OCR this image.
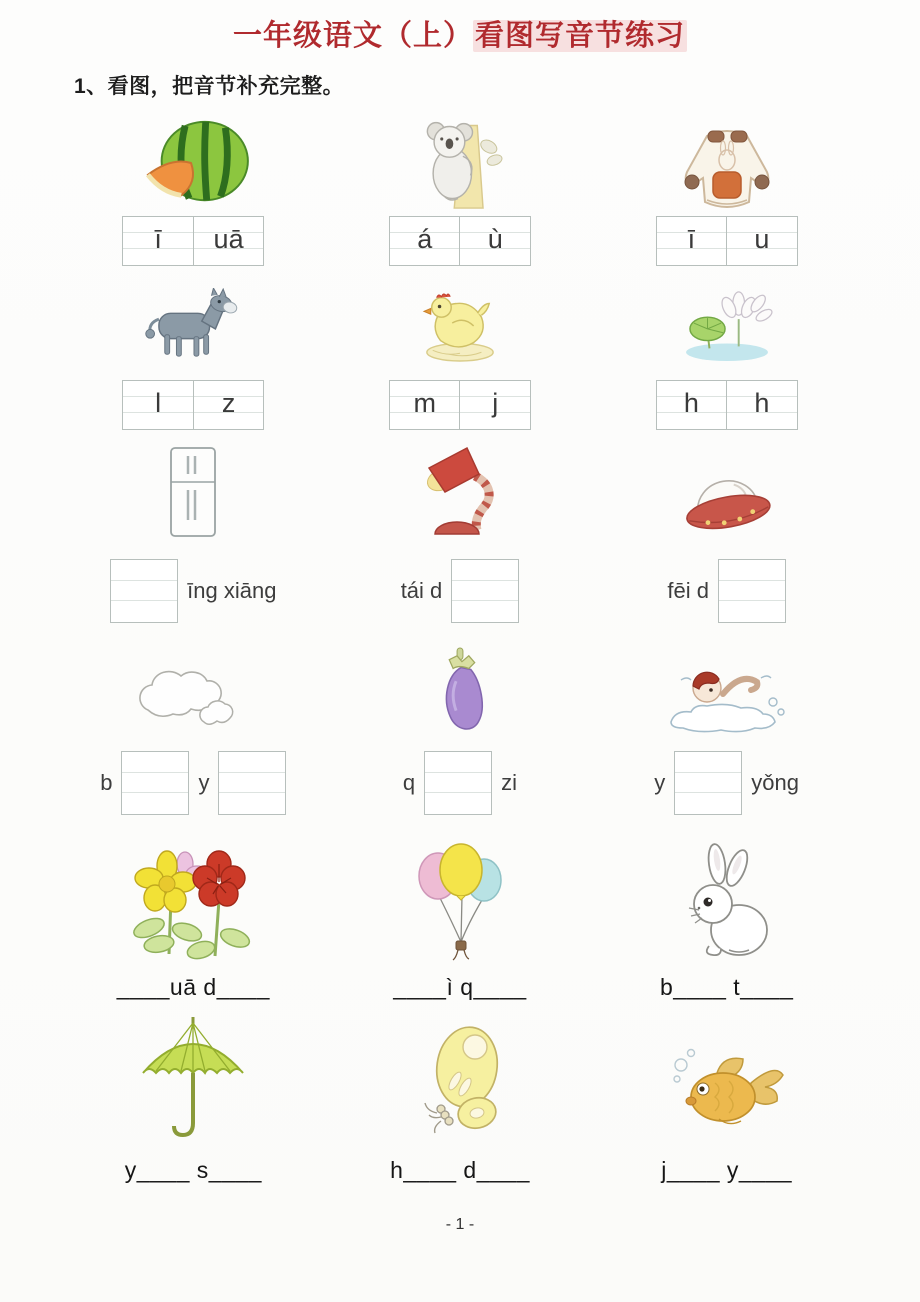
一年级语文（上）看图写音节练习
1、看图，把音节补充完整。
ī	uā	á	ù	ī	u
l	z	m	j	h	h
īng xiāng	tái d	fēi d
b	y	q	zi	y	yǒng
____uā d____	____ì q____	b____ t____
y____ s____	h____ d____	j____ y____
- 1 -
